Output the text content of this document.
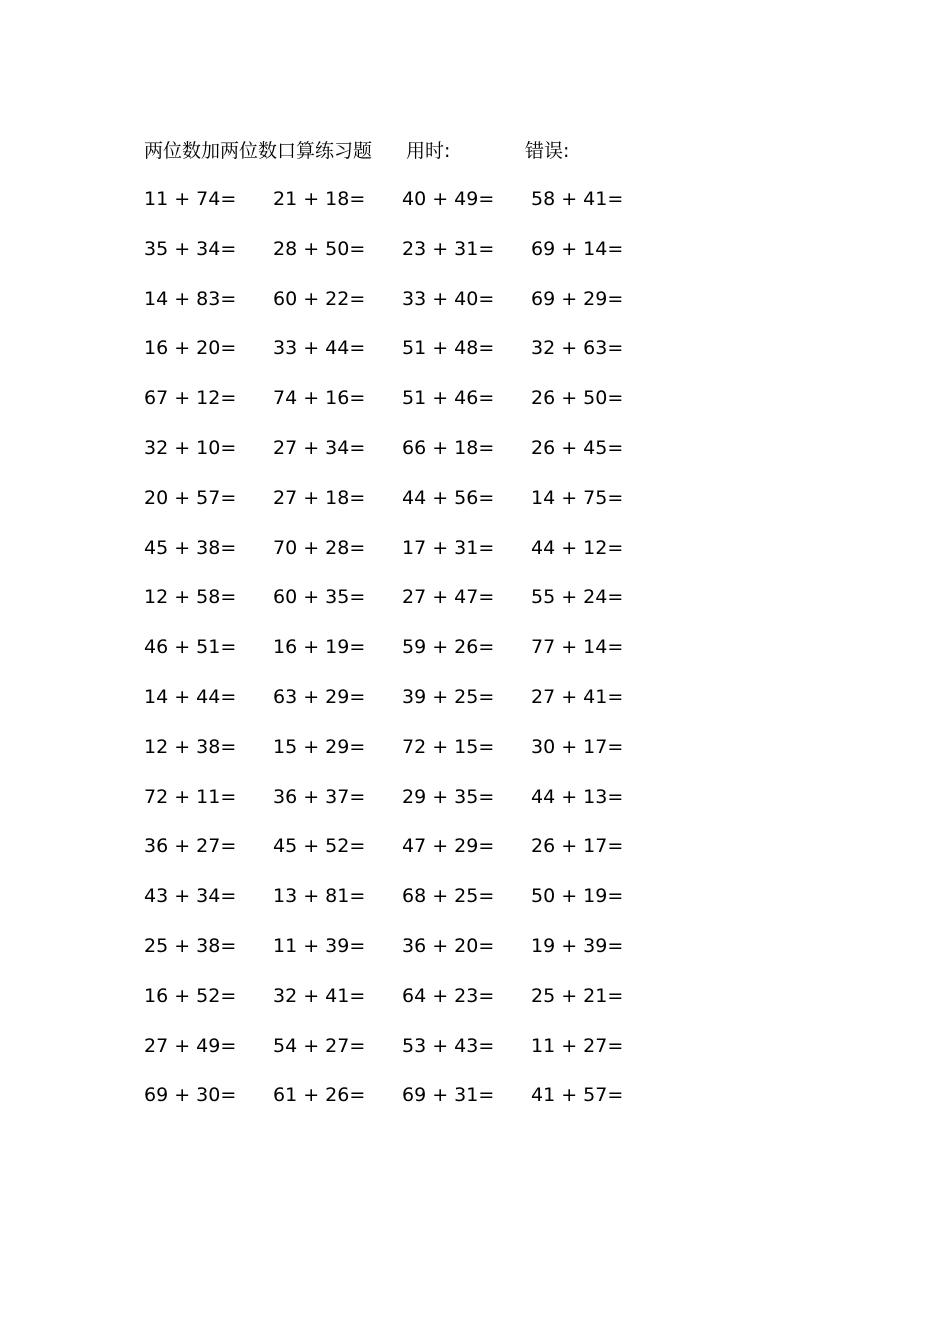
两位数加两位数口算练习题 用时:	错误:
11 + 74=	21 + 18=	40 + 49=	58 + 41=
35 + 34=	28 + 50=	23 + 31=	69 + 14=
14 + 83=	60 + 22=	33 + 40=	69 + 29=
16 + 20=	33 + 44=	51 + 48=	32 + 63=
67 + 12=	74 + 16=	51 + 46=	26 + 50=
32 + 10=	27 + 34=	66 + 18=	26 + 45=
20 + 57=	27 + 18=	44 + 56=	14 + 75=
45 + 38=	70 + 28=	17 + 31=	44 + 12=
12 + 58=	60 + 35=	27 + 47=	55 + 24=
46 + 51=	16 + 19=	59 + 26=	77 + 14=
14 + 44=	63 + 29=	39 + 25=	27 + 41=
12 + 38=	15 + 29=	72 + 15=	30 + 17=
72 + 11=	36 + 37=	29 + 35=	44 + 13=
36 + 27=	45 + 52=	47 + 29=	26 + 17=
43 + 34=	13 + 81=	68 + 25=	50 + 19=
25 + 38=	11 + 39=	36 + 20=	19 + 39=
16 + 52=	32 + 41=	64 + 23=	25 + 21=
27 + 49=	54 + 27=	53 + 43=	11 + 27=
69 + 30=	61 + 26=	69 + 31=	41 + 57=
